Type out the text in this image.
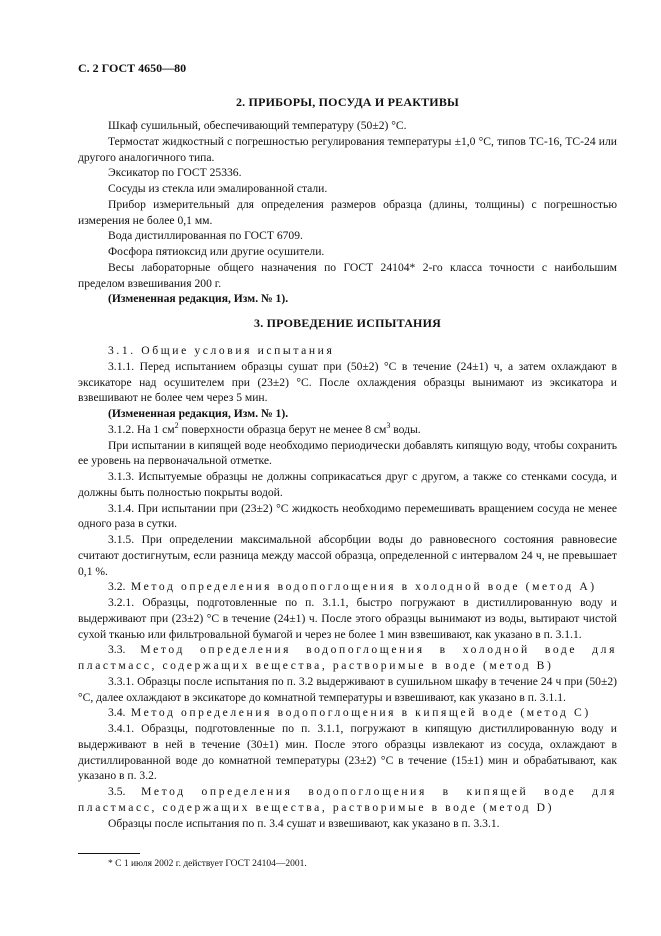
С. 2 ГОСТ 4650—80
2. ПРИБОРЫ, ПОСУДА И РЕАКТИВЫ

Шкаф сушильный, обеспечивающий температуру (50±2) °С.

Термостат жидкостный с погрешностью регулирования температуры ±1,0 °С, типов ТС-16, ТС-24 или другого аналогичного типа.

Эксикатор по ГОСТ 25336.

Сосуды из стекла или эмалированной стали.

Прибор измерительный для определения размеров образца (длины, толщины) с погрешностью измерения не более 0,1 мм.

Вода дистиллированная по ГОСТ 6709.

Фосфора пятиоксид или другие осушители.

Весы лабораторные общего назначения по ГОСТ 24104* 2-го класса точности с наибольшим пределом взвешивания 200 г.

(Измененная редакция, Изм. № 1).

3. ПРОВЕДЕНИЕ ИСПЫТАНИЯ

3.1. Общие условия испытания

3.1.1. Перед испытанием образцы сушат при (50±2) °С в течение (24±1) ч, а затем охлаждают в эксикаторе над осушителем при (23±2) °С. После охлаждения образцы вынимают из эксикатора и взвешивают не более чем через 5 мин.

(Измененная редакция, Изм. № 1).

3.1.2. На 1 $см^2$ поверхности образца берут не менее 8 $см^3$ воды.

При испытании в кипящей воде необходимо периодически добавлять кипящую воду, чтобы сохранить ее уровень на первоначальной отметке.

3.1.3. Испытуемые образцы не должны соприкасаться друг с другом, а также со стенками сосуда, и должны быть полностью покрыты водой.

3.1.4. При испытании при (23±2) °С жидкость необходимо перемешивать вращением сосуда не менее одного раза в сутки.

3.1.5. При определении максимальной абсорбции воды до равновесного состояния равновесие считают достигнутым, если разница между массой образца, определенной с интервалом 24 ч, не превышает 0,1 %.

3.2. Метод определения водопоглощения в холодной воде (метод А)

3.2.1. Образцы, подготовленные по п. 3.1.1, быстро погружают в дистиллированную воду и выдерживают при (23±2) °С в течение (24±1) ч. После этого образцы вынимают из воды, вытирают чистой сухой тканью или фильтровальной бумагой и через не более 1 мин взвешивают, как указано в п. 3.1.1.

3.3. Метод определения водопоглощения в холодной воде для пластмасс, содержащих вещества, растворимые в воде (метод В)

3.3.1. Образцы после испытания по п. 3.2 выдерживают в сушильном шкафу в течение 24 ч при (50±2) °С, далее охлаждают в эксикаторе до комнатной температуры и взвешивают, как указано в п. 3.1.1.

3.4. Метод определения водопоглощения в кипящей воде (метод С)

3.4.1. Образцы, подготовленные по п. 3.1.1, погружают в кипящую дистиллированную воду и выдерживают в ней в течение (30±1) мин. После этого образцы извлекают из сосуда, охлаждают в дистиллированной воде до комнатной температуры (23±2) °С в течение (15±1) мин и обрабатывают, как указано в п. 3.2.

3.5. Метод определения водопоглощения в кипящей воде для пластмасс, содержащих вещества, растворимые в воде (метод D)

Образцы после испытания по п. 3.4 сушат и взвешивают, как указано в п. 3.3.1.

* С 1 июля 2002 г. действует ГОСТ 24104—2001.
